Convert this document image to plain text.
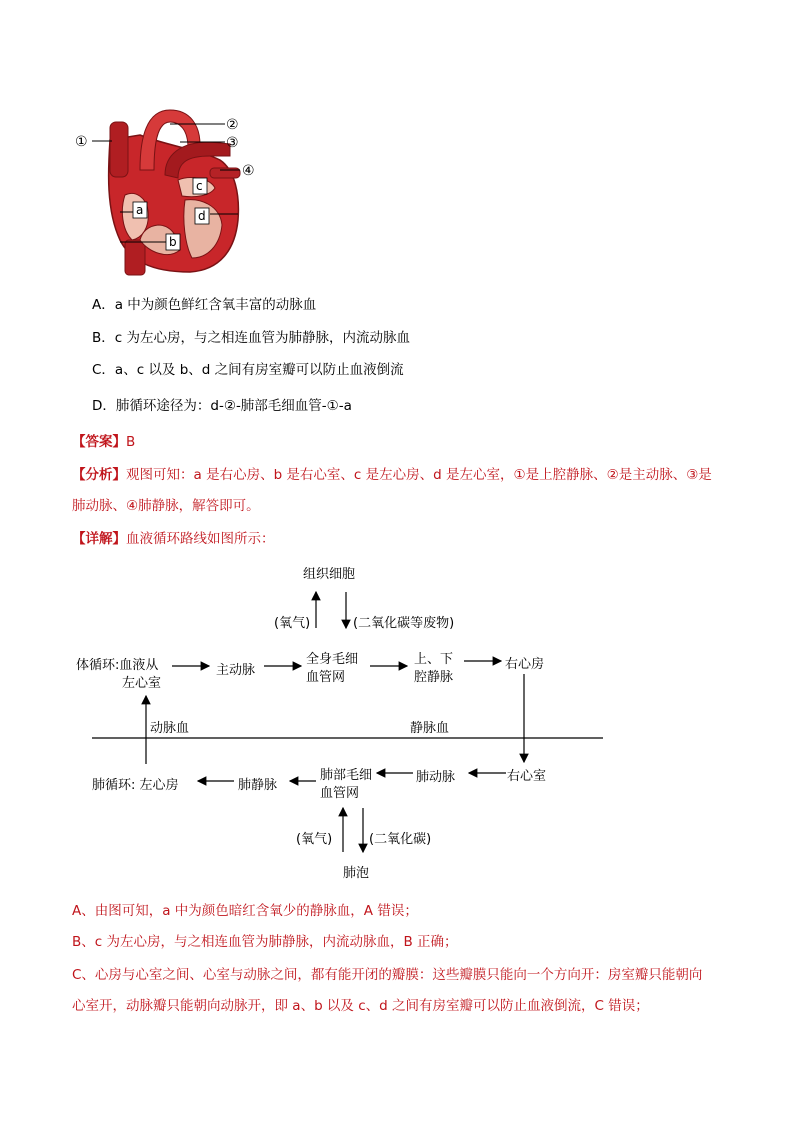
a
b
c
d
①
②
③
④
A．a 中为颜色鲜红含氧丰富的动脉血
B．c 为左心房，与之相连血管为肺静脉，内流动脉血
C．a、c 以及 b、d 之间有房室瓣可以防止血液倒流
D．肺循环途径为：d-②-肺部毛细血管-①-a
【答案】B
【分析】观图可知：a 是右心房、b 是右心室、c 是左心房、d 是左心室，①是上腔静脉、②是主动脉、③是
肺动脉、④肺静脉，解答即可。
【详解】血液循环路线如图所示：
组织细胞
(氧气)	(二氧化碳等废物)
体循环:血液从
左心室
主动脉
全身毛细
血管网
上、下
腔静脉
右心房
动脉血	静脉血
肺循环: 左心房	肺静脉
肺部毛细
血管网
肺动脉	右心室
(氧气)	(二氧化碳)
肺泡
A、由图可知，a 中为颜色暗红含氧少的静脉血，A 错误；
B、c 为左心房，与之相连血管为肺静脉，内流动脉血，B 正确；
C、心房与心室之间、心室与动脉之间，都有能开闭的瓣膜：这些瓣膜只能向一个方向开：房室瓣只能朝向
心室开，动脉瓣只能朝向动脉开，即 a、b 以及 c、d 之间有房室瓣可以防止血液倒流，C 错误；
